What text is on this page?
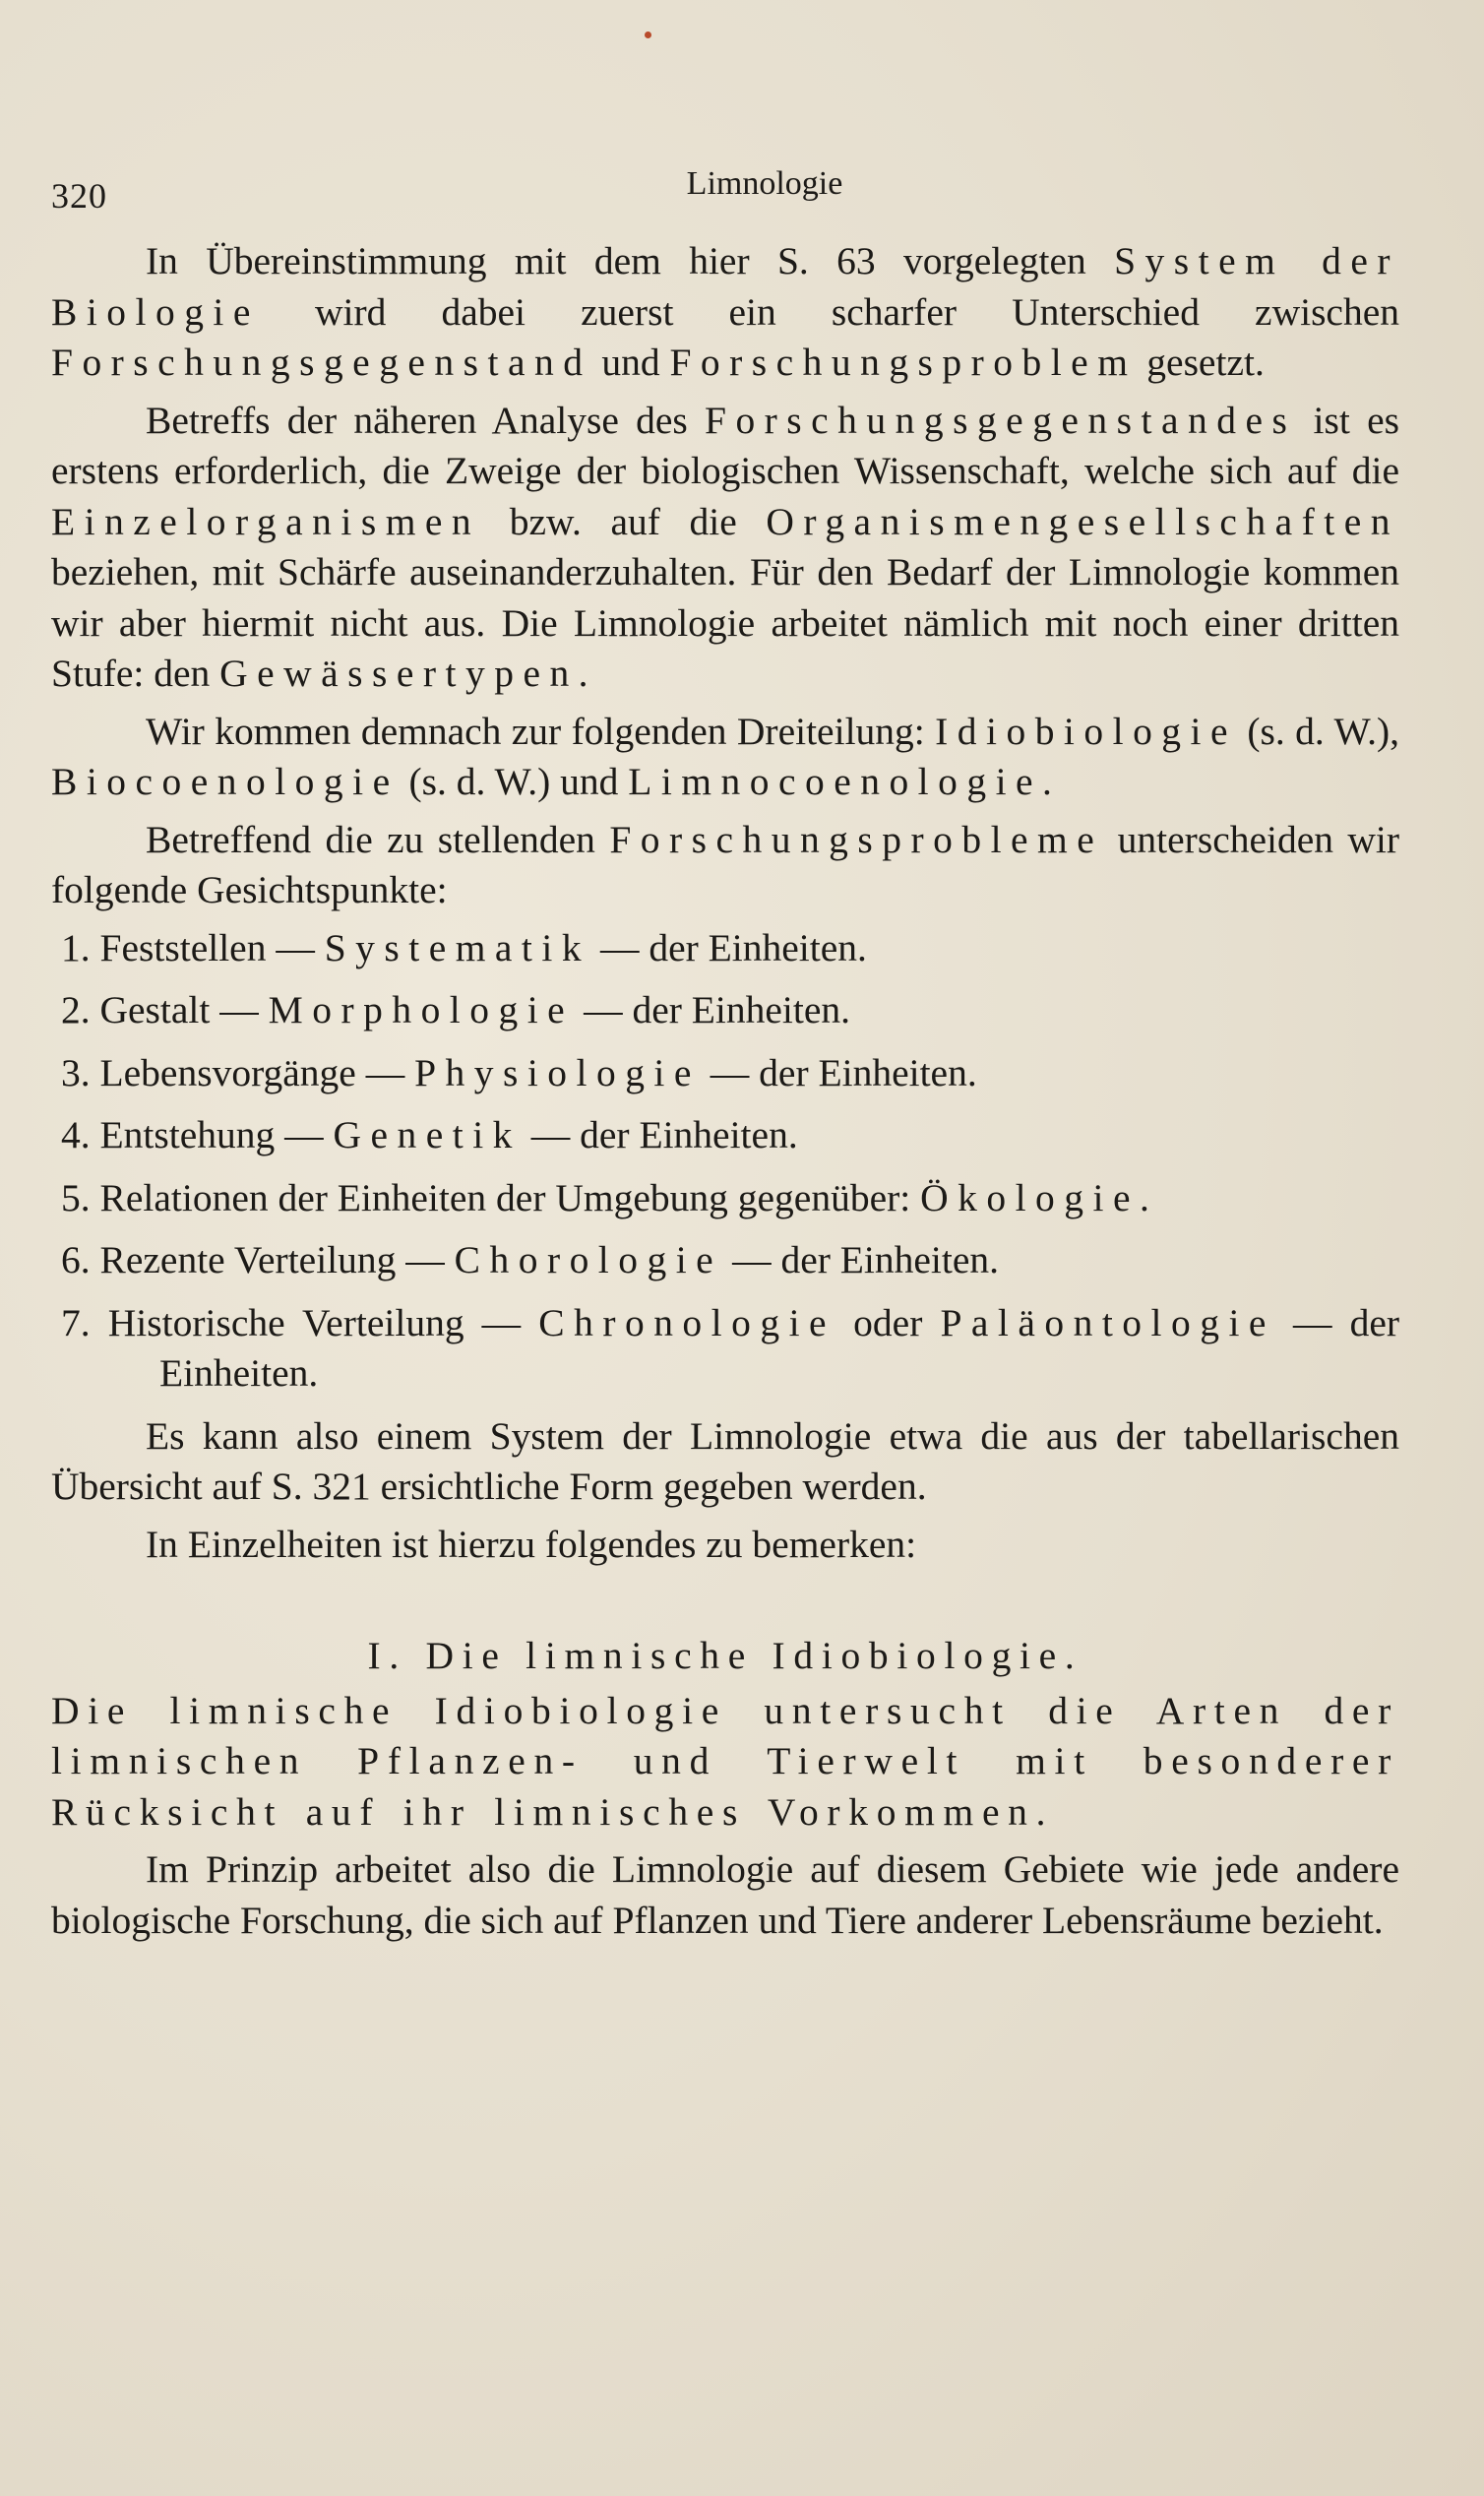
320	Limnologie

In Übereinstimmung mit dem hier S. 63 vorgelegten System der Biologie wird dabei zuerst ein scharfer Unterschied zwischen Forschungsgegenstand und Forschungsproblem gesetzt.

Betreffs der näheren Analyse des Forschungsgegenstandes ist es erstens erforderlich, die Zweige der biologischen Wissenschaft, welche sich auf die Einzelorganismen bzw. auf die Organismengesellschaften beziehen, mit Schärfe auseinanderzuhalten. Für den Bedarf der Limnologie kommen wir aber hiermit nicht aus. Die Limnologie arbeitet nämlich mit noch einer dritten Stufe: den Gewässertypen.

Wir kommen demnach zur folgenden Dreiteilung: Idiobiologie (s. d. W.), Biocoenologie (s. d. W.) und Limnocoenologie.

Betreffend die zu stellenden Forschungsprobleme unterscheiden wir folgende Gesichtspunkte:

1. Feststellen — Systematik — der Einheiten.
2. Gestalt — Morphologie — der Einheiten.
3. Lebensvorgänge — Physiologie — der Einheiten.
4. Entstehung — Genetik — der Einheiten.
5. Relationen der Einheiten der Umgebung gegenüber: Ökologie.
6. Rezente Verteilung — Chorologie — der Einheiten.
7. Historische Verteilung — Chronologie oder Paläontologie — der Einheiten.

Es kann also einem System der Limnologie etwa die aus der tabellarischen Übersicht auf S. 321 ersichtliche Form gegeben werden.

In Einzelheiten ist hierzu folgendes zu bemerken:

I. Die limnische Idiobiologie.

Die limnische Idiobiologie untersucht die Arten der limnischen Pflanzen- und Tierwelt mit besonderer Rücksicht auf ihr limnisches Vorkommen.

Im Prinzip arbeitet also die Limnologie auf diesem Gebiete wie jede andere biologische Forschung, die sich auf Pflanzen und Tiere anderer Lebensräume bezieht.
